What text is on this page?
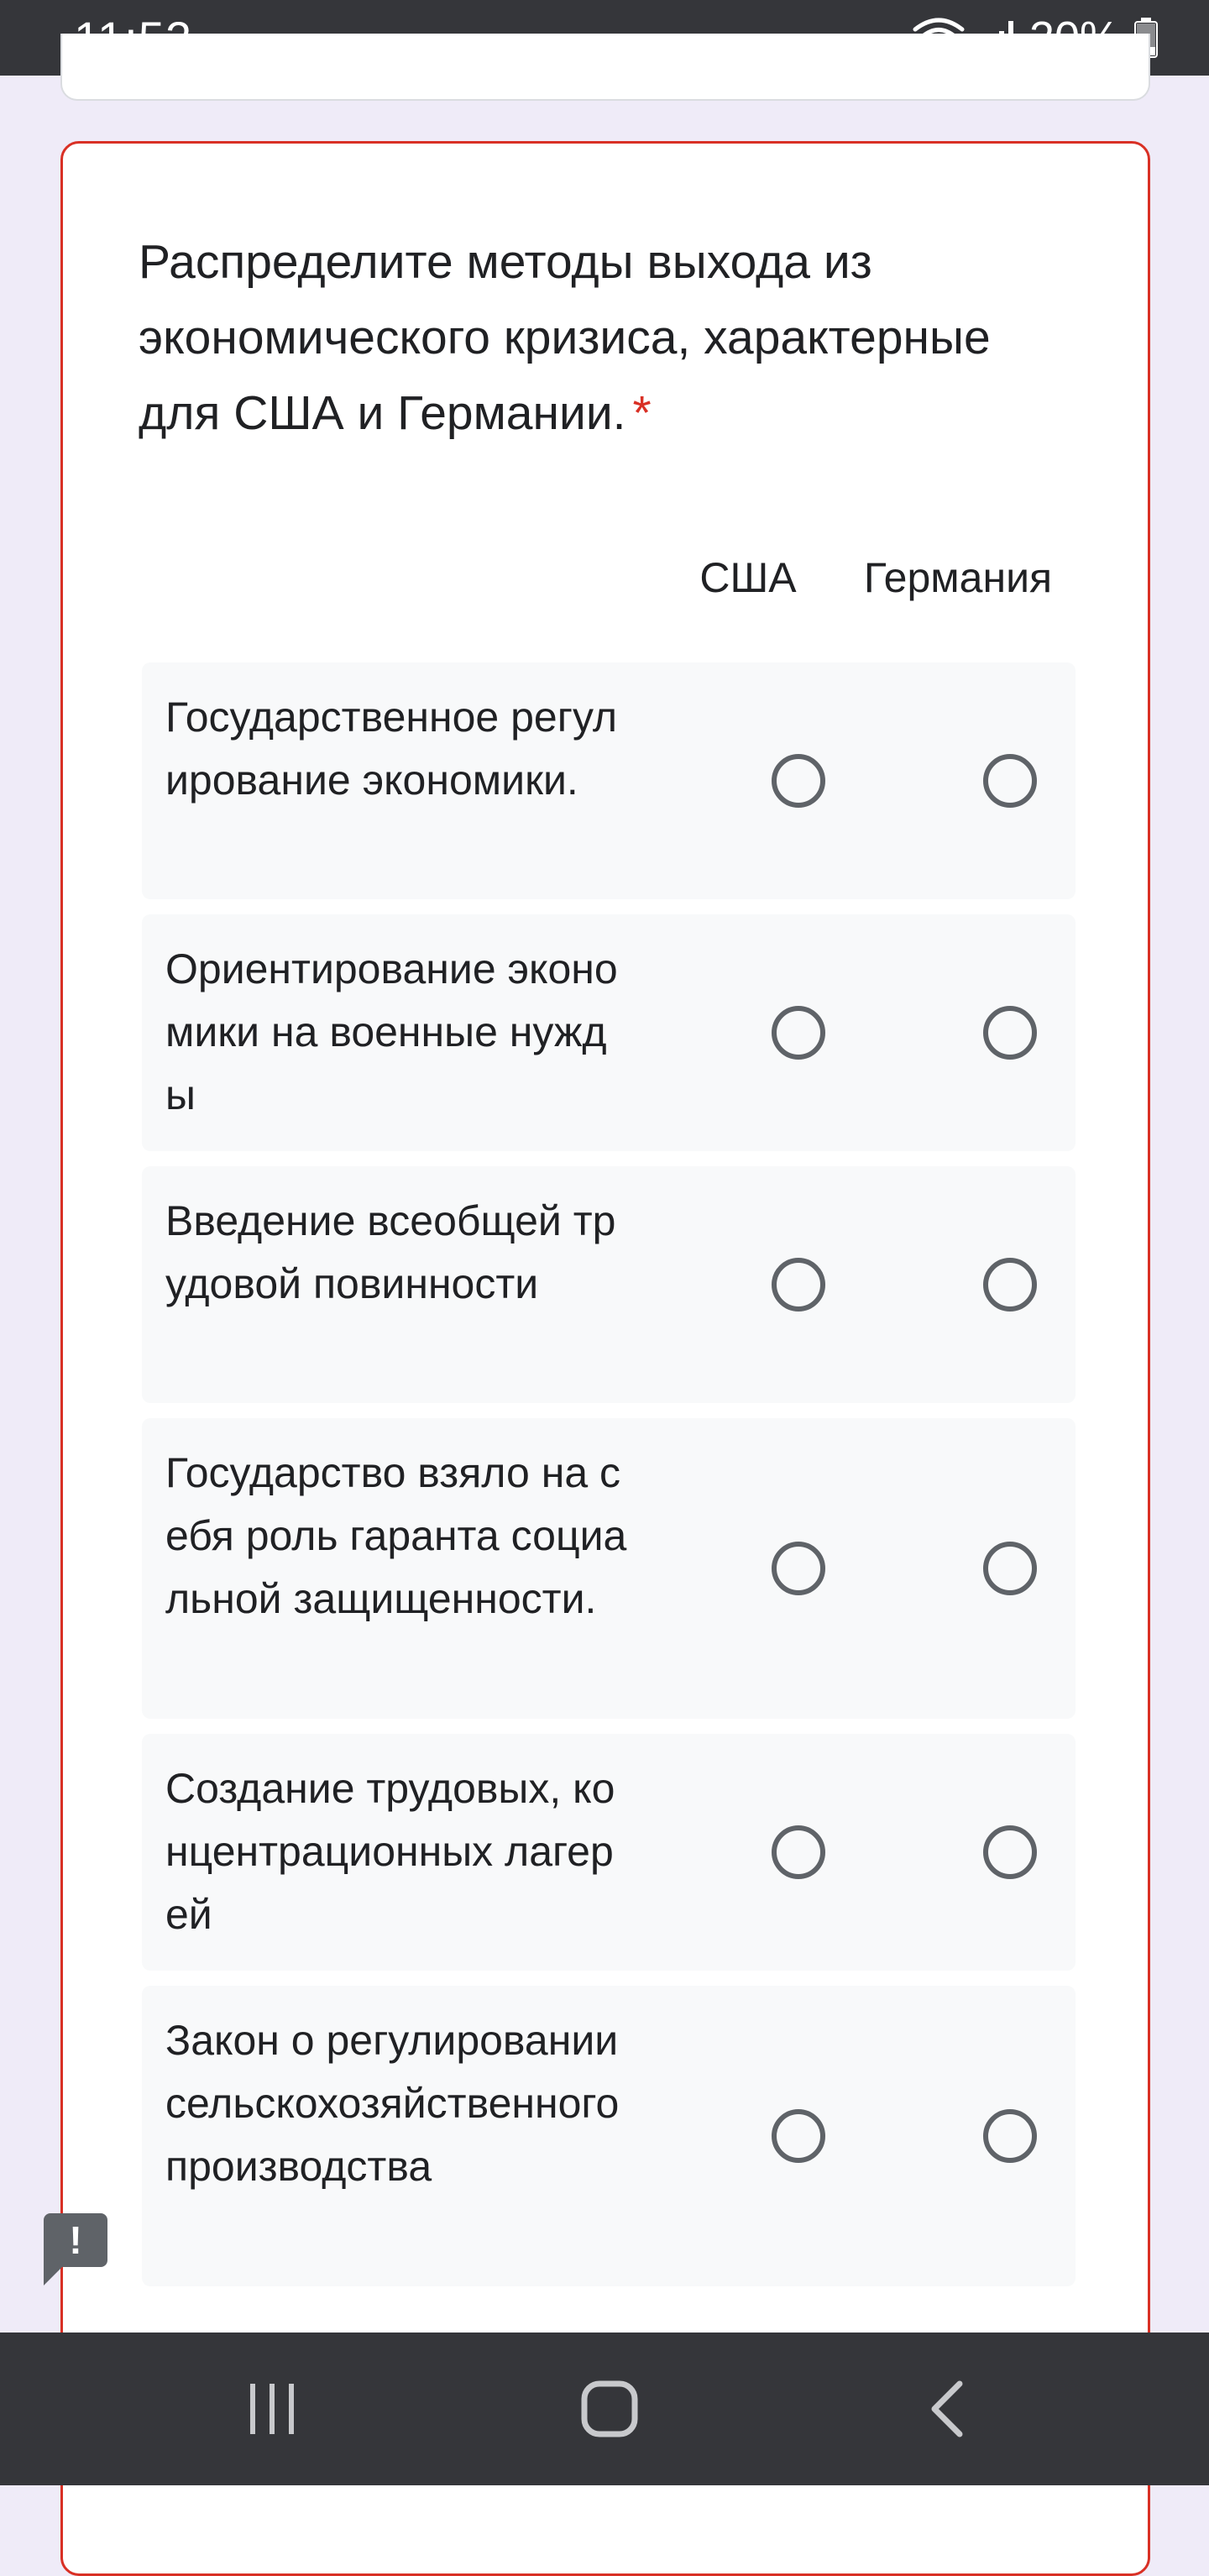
Распределите методы выхода из экономического кризиса, характерные для США и Германии. *
США	Германия
Государственное регулирование экономики.
Ориентирование экономики на военные нужды
Введение всеобщей трудовой повинности
Государство взяло на себя роль гаранта социальной защищенности.
Создание трудовых, концентрационных лагерей
Закон о регулировании сельскохозяйственного производства
!
